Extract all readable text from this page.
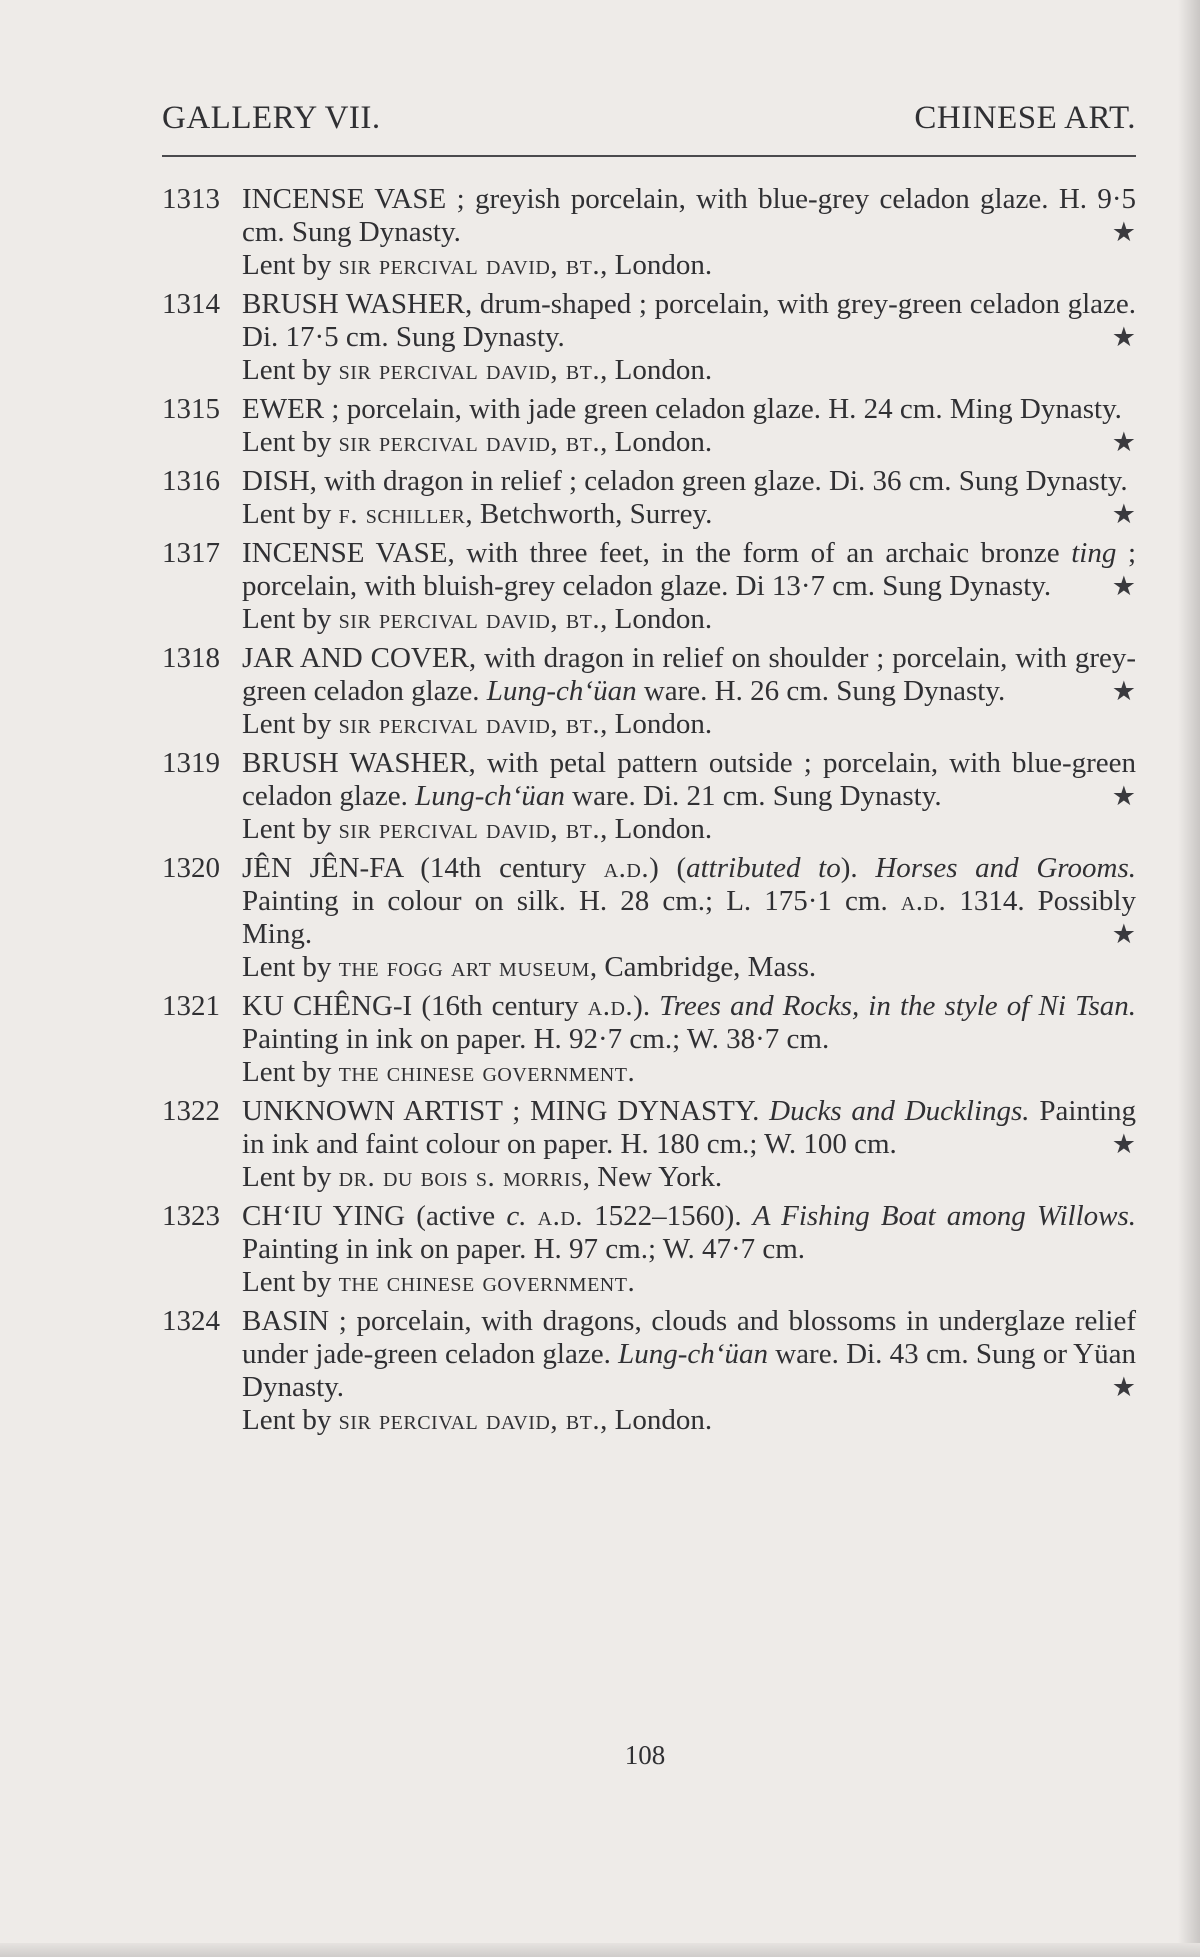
GALLERY VII.	CHINESE ART.
1313 INCENSE VASE ; greyish porcelain, with blue-grey celadon glaze. H. 9·5 cm. Sung Dynasty.	★
Lent by sir percival david, bt., London.
1314 BRUSH WASHER, drum-shaped ; porcelain, with grey-green celadon glaze. Di. 17·5 cm. Sung Dynasty.	★
Lent by sir percival david, bt., London.
1315 EWER ; porcelain, with jade green celadon glaze. H. 24 cm. Ming Dynasty.
Lent by sir percival david, bt., London.	★
1316 DISH, with dragon in relief ; celadon green glaze. Di. 36 cm. Sung Dynasty.
★
Lent by f. schiller, Betchworth, Surrey.
1317 INCENSE VASE, with three feet, in the form of an archaic bronze ting ; porcelain, with bluish-grey celadon glaze. Di 13·7 cm. Sung Dynasty. ★
Lent by sir percival david, bt., London.
1318 JAR AND COVER, with dragon in relief on shoulder ; porcelain, with grey-green celadon glaze. Lung-ch‘üan ware. H. 26 cm. Sung Dynasty.	★
Lent by sir percival david, bt., London.
1319 BRUSH WASHER, with petal pattern outside ; porcelain, with blue-green celadon glaze. Lung-ch‘üan ware. Di. 21 cm. Sung Dynasty.	★
Lent by sir percival david, bt., London.
1320 JÊN JÊN-FA (14th century a.d.) (attributed to). Horses and Grooms. Painting in colour on silk. H. 28 cm.; L. 175·1 cm. a.d. 1314. Possibly Ming.	★
Lent by the fogg art museum, Cambridge, Mass.
1321 KU CHÊNG-I (16th century a.d.). Trees and Rocks, in the style of Ni Tsan. Painting in ink on paper. H. 92·7 cm.; W. 38·7 cm.
Lent by the chinese government.
1322 UNKNOWN ARTIST ; MING DYNASTY. Ducks and Ducklings. Painting in ink and faint colour on paper. H. 180 cm.; W. 100 cm.	★
Lent by dr. du bois s. morris, New York.
1323 CH‘IU YING (active c. a.d. 1522–1560). A Fishing Boat among Willows. Painting in ink on paper. H. 97 cm.; W. 47·7 cm.
Lent by the chinese government.
1324 BASIN ; porcelain, with dragons, clouds and blossoms in underglaze relief under jade-green celadon glaze. Lung-ch‘üan ware. Di. 43 cm. Sung or Yüan Dynasty.	★
Lent by sir percival david, bt., London.
108
